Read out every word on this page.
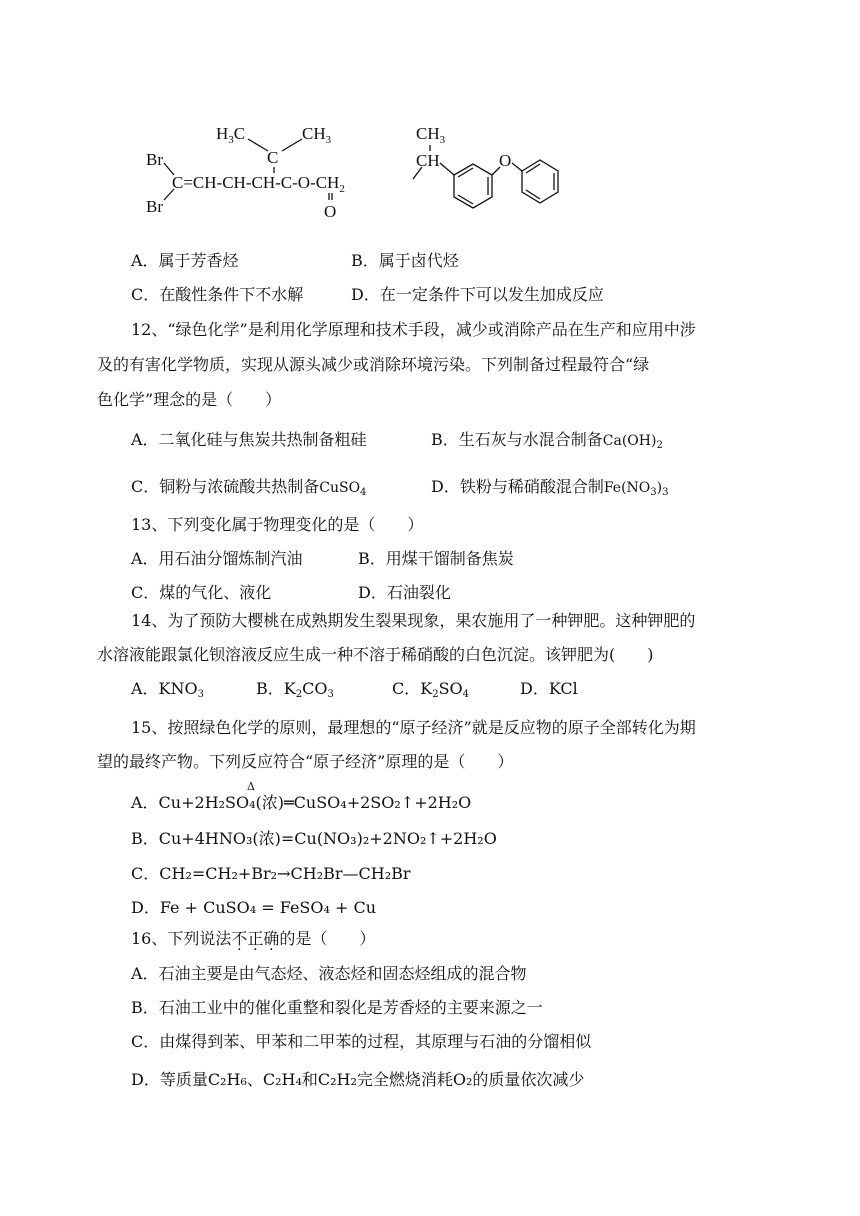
Br
Br
$H_3C$	$CH_3$
C
$C=CH-CH-CH-C-O-CH_2$
O
CH
$CH_3$
O
A．属于芳香烃	B．属于卤代烃
C．在酸性条件下不水解	D．在一定条件下可以发生加成反应
12、“绿色化学”是利用化学原理和技术手段，减少或消除产品在生产和应用中涉
及的有害化学物质，实现从源头减少或消除环境污染。下列制备过程最符合“绿
色化学”理念的是（　　）
A．二氧化硅与焦炭共热制备粗硅	B．生石灰与水混合制备$Ca(OH)_2$
C．铜粉与浓硫酸共热制备CuSO$_4$	D．铁粉与稀硝酸混合制$Fe(NO_3)_3$
13、下列变化属于物理变化的是（　　）
A．用石油分馏炼制汽油	B．用煤干馏制备焦炭
C．煤的气化、液化	D．石油裂化
14、为了预防大樱桃在成熟期发生裂果现象，果农施用了一种钾肥。这种钾肥的
水溶液能跟氯化钡溶液反应生成一种不溶于稀硝酸的白色沉淀。该钾肥为(　　)
A．$KNO_3$	B．$K_2CO_3$	C．$K_2SO_4$	D．KCl
15、按照绿色化学的原则，最理想的“原子经济”就是反应物的原子全部转化为期
望的最终产物。下列反应符合“原子经济”原理的是（　　）
Δ
A．Cu+2H₂SO₄(浓)═CuSO₄+2SO₂↑+2H₂O
B．Cu+4HNO₃(浓)=Cu(NO₃)₂+2NO₂↑+2H₂O
C．CH₂=CH₂+Br₂→CH₂Br—CH₂Br
D．Fe + CuSO₄ = FeSO₄ + Cu
16、下列说法不正确的是（　　）
A．石油主要是由气态烃、液态烃和固态烃组成的混合物
B．石油工业中的催化重整和裂化是芳香烃的主要来源之一
C．由煤得到苯、甲苯和二甲苯的过程，其原理与石油的分馏相似
D．等质量C₂H₆、C₂H₄和C₂H₂完全燃烧消耗O₂的质量依次减少
